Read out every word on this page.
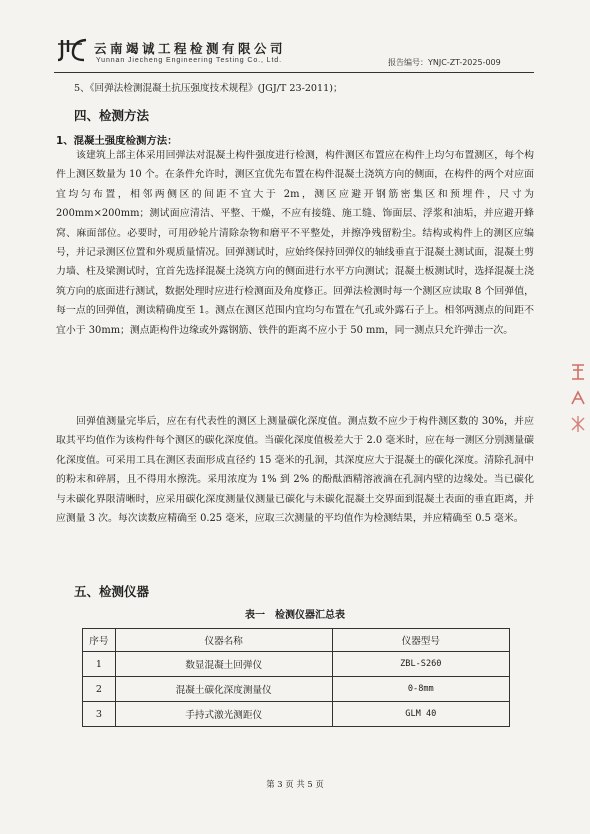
云南竭诚工程检测有限公司
Yunnan Jiecheng Engineering Testing Co., Ltd.	报告编号：YNJC-ZT-2025-009
5、《回弹法检测混凝土抗压强度技术规程》(JGJ/T 23-2011)；
四、检测方法
1、混凝土强度检测方法：

该建筑上部主体采用回弹法对混凝土构件强度进行检测，构件测区布置应在构件上均匀布置测区，每个构件上测区数量为 10 个。在条件允许时，测区宜优先布置在构件混凝土浇筑方向的侧面，在构件的两个对应面宜均匀布置，相邻两侧区的间距不宜大于 2m，测区应避开钢筋密集区和预埋件，尺寸为 200mm×200mm；测试面应清洁、平整、干燥，不应有接缝、施工缝、饰面层、浮浆和油垢，并应避开蜂窝、麻面部位。必要时，可用砂轮片清除杂物和磨平不平整处，并擦净残留粉尘。结构或构件上的测区应编号，并记录测区位置和外观质量情况。回弹测试时，应始终保持回弹仪的轴线垂直于混凝土测试面，混凝土剪力墙、柱及梁测试时，宜首先选择混凝土浇筑方向的侧面进行水平方向测试；混凝土板测试时，选择混凝土浇筑方向的底面进行测试，数据处理时应进行检测面及角度修正。回弹法检测时每一个测区应读取 8 个回弹值，每一点的回弹值，测读精确度至 1。测点在测区范围内宜均匀布置在气孔或外露石子上。相邻两测点的间距不宜小于 30mm；测点距构件边缘或外露钢筋、铁件的距离不应小于 50 mm，同一测点只允许弹击一次。

回弹值测量完毕后，应在有代表性的测区上测量碳化深度值。测点数不应少于构件测区数的 30%，并应取其平均值作为该构件每个测区的碳化深度值。当碳化深度值极差大于 2.0 毫米时，应在每一测区分别测量碳化深度值。可采用工具在测区表面形成直径约 15 毫米的孔洞，其深度应大于混凝土的碳化深度。清除孔洞中的粉末和碎屑，且不得用水擦洗。采用浓度为 1% 到 2% 的酚酞酒精溶液滴在孔洞内壁的边缘处。当已碳化与未碳化界限清晰时，应采用碳化深度测量仪测量已碳化与未碳化混凝土交界面到混凝土表面的垂直距离，并应测量 3 次。每次读数应精确至 0.25 毫米，应取三次测量的平均值作为检测结果，并应精确至 0.5 毫米。

五、检测仪器
表一　检测仪器汇总表
序号	仪器名称	仪器型号
1	数显混凝土回弹仪	ZBL-S260
2	混凝土碳化深度测量仪	0-8mm
3	手持式激光测距仪	GLM 40
第 3 页 共 5 页
